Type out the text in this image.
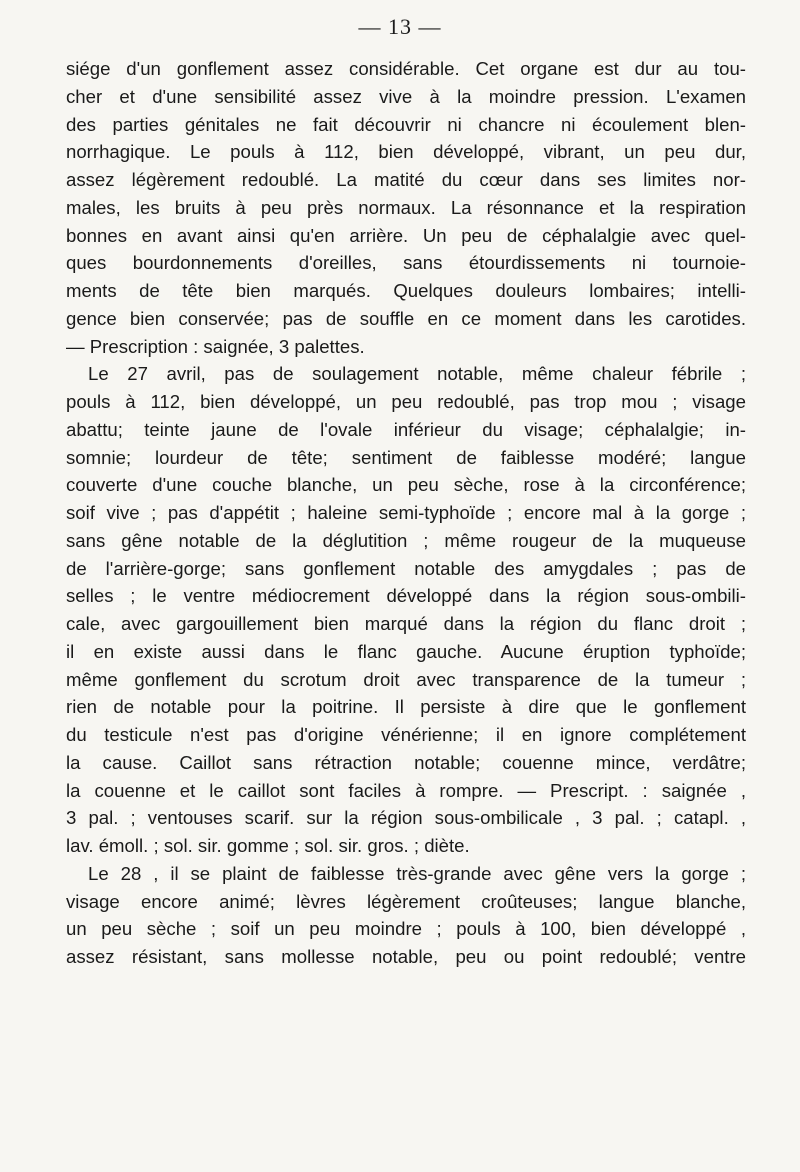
— 13 —
siége d'un gonflement assez considérable. Cet organe est dur au tou-
cher et d'une sensibilité assez vive à la moindre pression. L'examen
des parties génitales ne fait découvrir ni chancre ni écoulement blen-
norrhagique. Le pouls à 112, bien développé, vibrant, un peu dur,
assez légèrement redoublé. La matité du cœur dans ses limites nor-
males, les bruits à peu près normaux. La résonnance et la respiration
bonnes en avant ainsi qu'en arrière. Un peu de céphalalgie avec quel-
ques bourdonnements d'oreilles, sans étourdissements ni tournoie-
ments de tête bien marqués. Quelques douleurs lombaires; intelli-
gence bien conservée; pas de souffle en ce moment dans les carotides.
— Prescription : saignée, 3 palettes.
Le 27 avril, pas de soulagement notable, même chaleur fébrile ;
pouls à 112, bien développé, un peu redoublé, pas trop mou ; visage
abattu; teinte jaune de l'ovale inférieur du visage; céphalalgie; in-
somnie; lourdeur de tête; sentiment de faiblesse modéré; langue
couverte d'une couche blanche, un peu sèche, rose à la circonférence;
soif vive ; pas d'appétit ; haleine semi-typhoïde ; encore mal à la gorge ;
sans gêne notable de la déglutition ; même rougeur de la muqueuse
de l'arrière-gorge; sans gonflement notable des amygdales ; pas de
selles ; le ventre médiocrement développé dans la région sous-ombili-
cale, avec gargouillement bien marqué dans la région du flanc droit ;
il en existe aussi dans le flanc gauche. Aucune éruption typhoïde;
même gonflement du scrotum droit avec transparence de la tumeur ;
rien de notable pour la poitrine. Il persiste à dire que le gonflement
du testicule n'est pas d'origine vénérienne; il en ignore complétement
la cause. Caillot sans rétraction notable; couenne mince, verdâtre;
la couenne et le caillot sont faciles à rompre. — Prescript. : saignée ,
3 pal. ; ventouses scarif. sur la région sous-ombilicale , 3 pal. ; catapl. ,
lav. émoll. ; sol. sir. gomme ; sol. sir. gros. ; diète.
Le 28 , il se plaint de faiblesse très-grande avec gêne vers la gorge ;
visage encore animé; lèvres légèrement croûteuses; langue blanche,
un peu sèche ; soif un peu moindre ; pouls à 100, bien développé ,
assez résistant, sans mollesse notable, peu ou point redoublé; ventre
